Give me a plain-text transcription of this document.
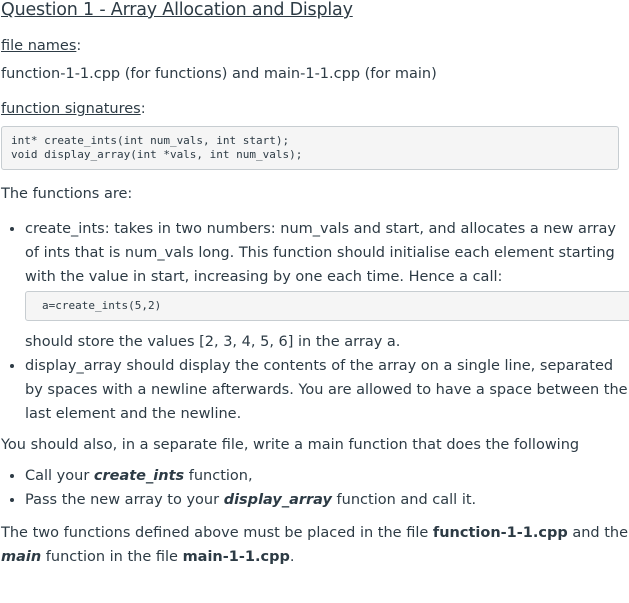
Question 1 - Array Allocation and Display
file names:

function-1-1.cpp (for functions) and main-1-1.cpp (for main)

function signatures:
int* create_ints(int num_vals, int start);
void display_array(int *vals, int num_vals);

The functions are:

• create_ints: takes in two numbers: num_vals and start, and allocates a new array of ints that is num_vals long. This function should initialise each element starting with the value in start, increasing by one each time. Hence a call:
a=create_ints(5,2)
should store the values [2, 3, 4, 5, 6] in the array a.
• display_array should display the contents of the array on a single line, separated by spaces with a newline afterwards. You are allowed to have a space between the last element and the newline.

You should also, in a separate file, write a main function that does the following

• Call your create_ints function,
• Pass the new array to your display_array function and call it.

The two functions defined above must be placed in the file function-1-1.cpp and the main function in the file main-1-1.cpp.
